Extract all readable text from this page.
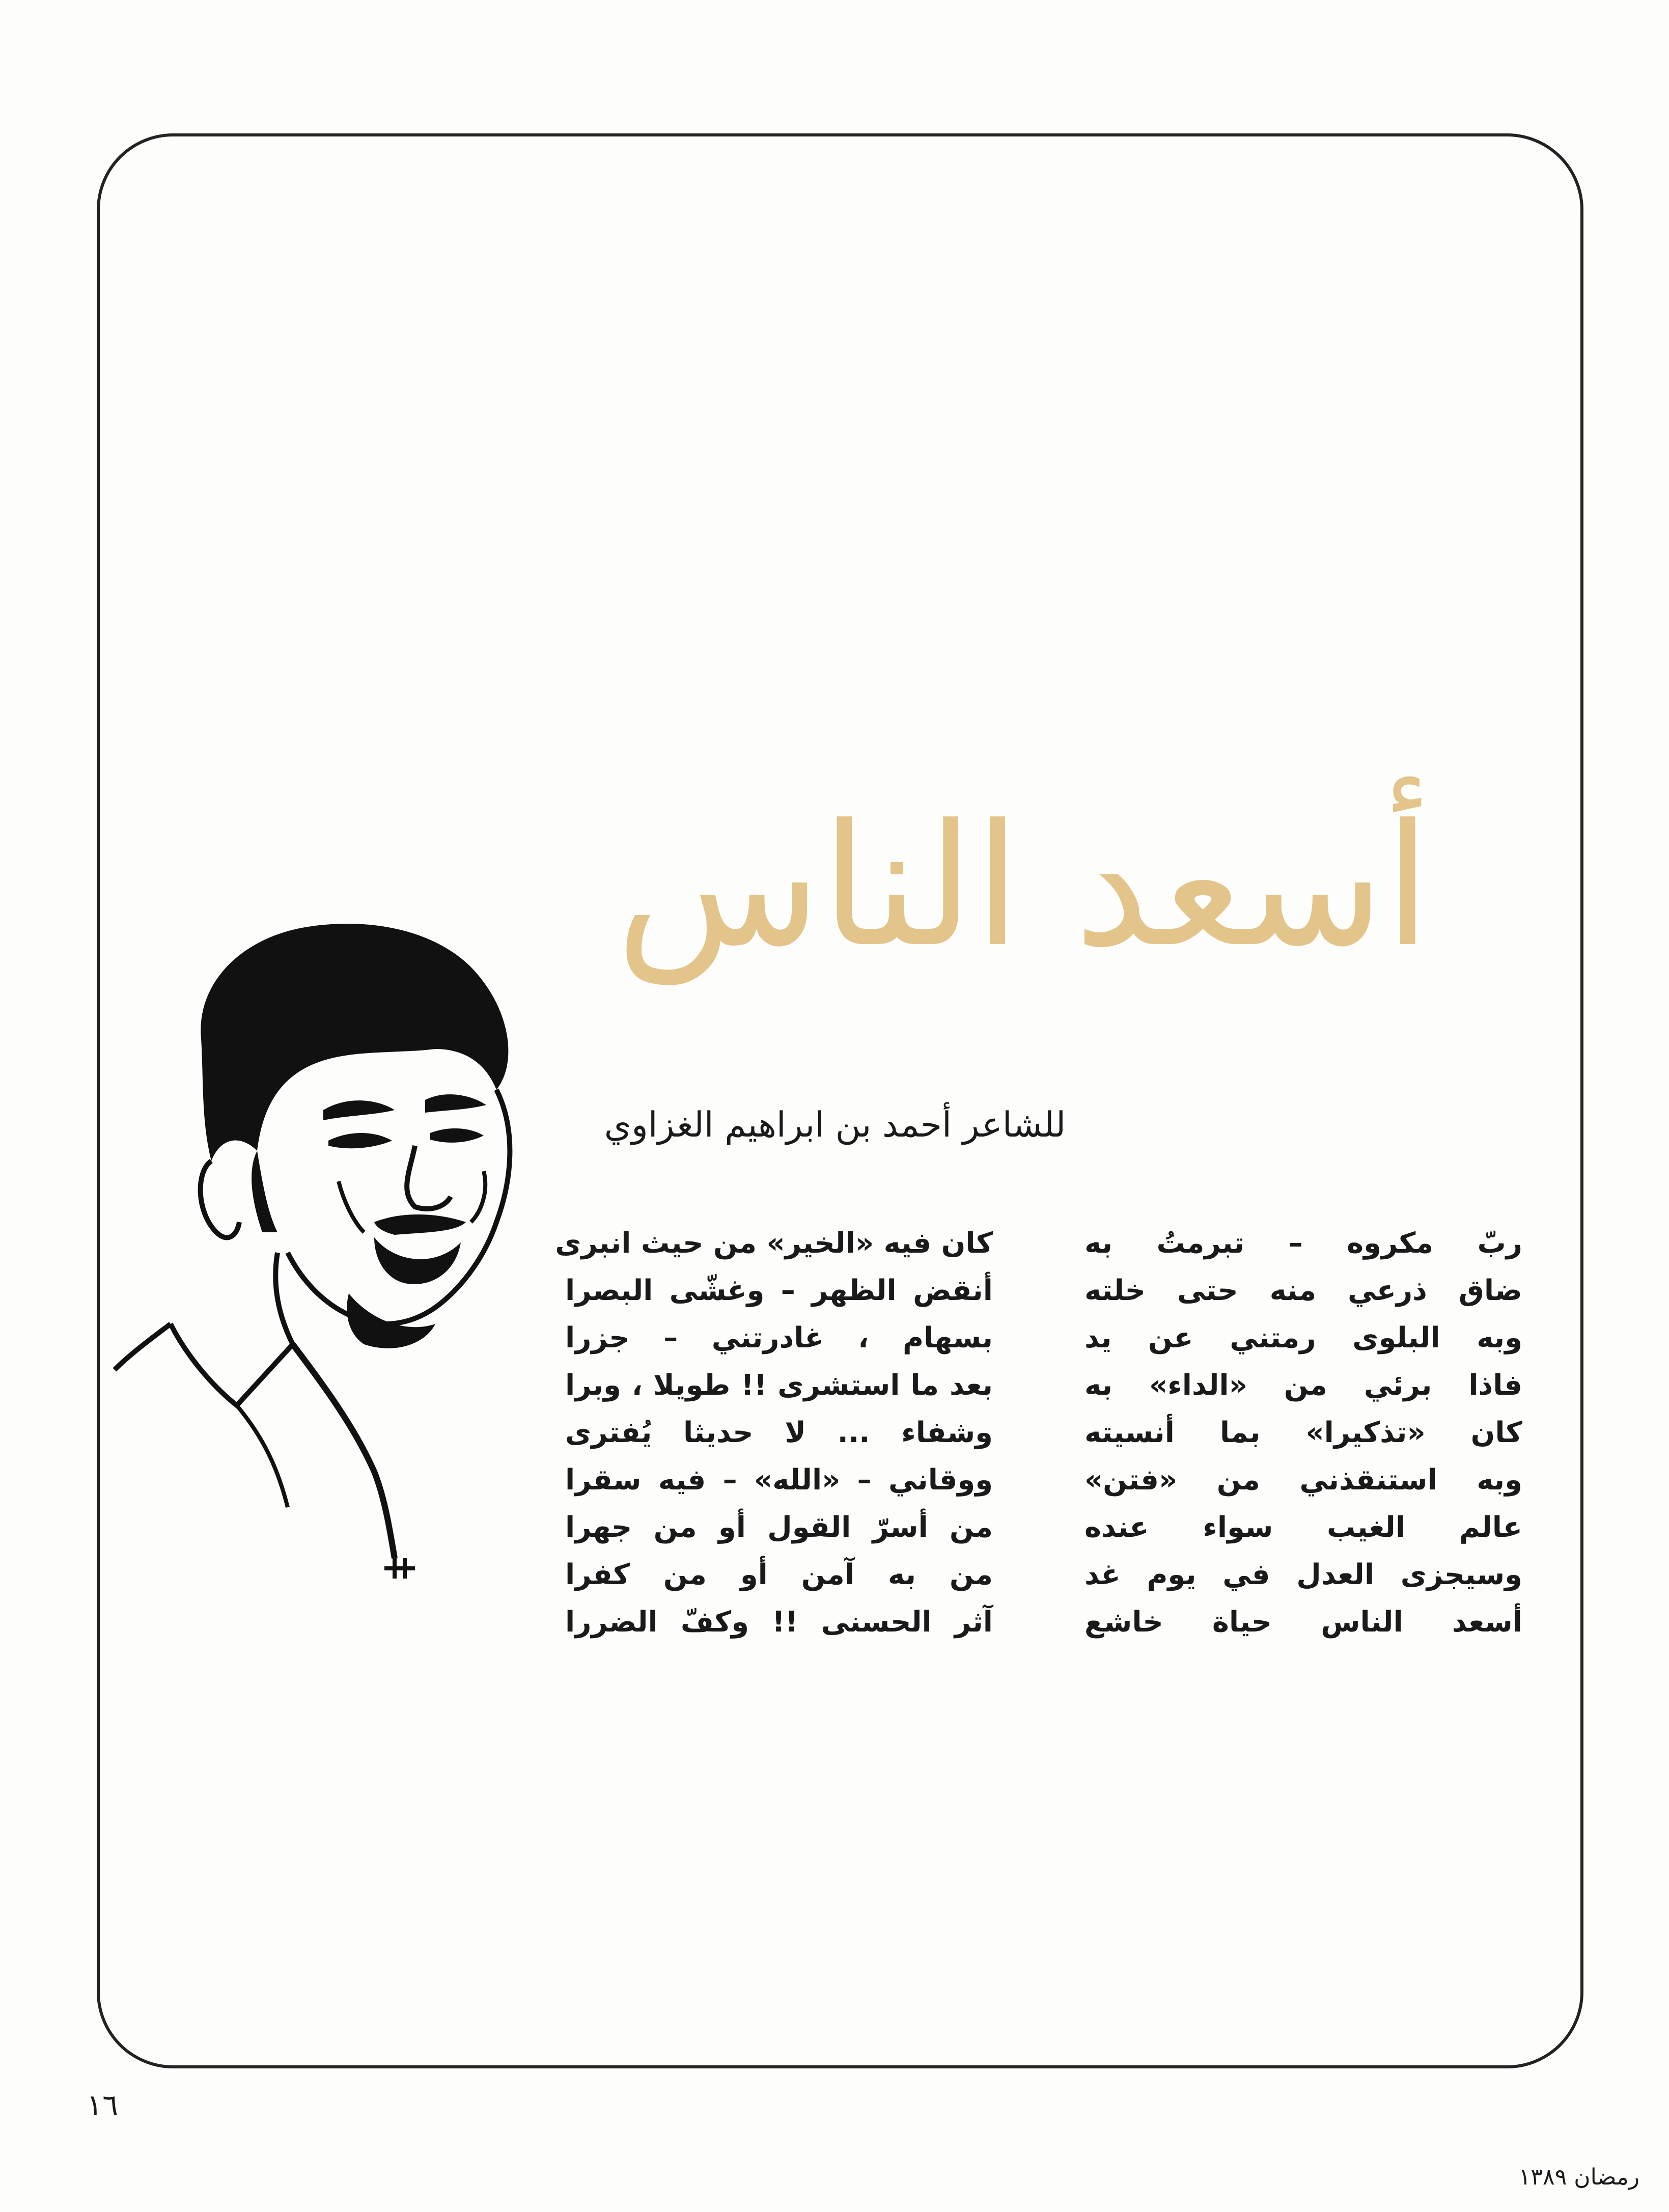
أسعد الناس
للشاعر أحمد بن ابراهيم الغزاوي
ربّ مكروه – تبرمتُ به
ضاق ذرعي منه حتى خلته
وبه البلوى رمتني عن يد
فاذا برئي من «الداء» به
كان «تذكيرا» بما أنسيته
وبه استنقذني من «فتن»
عالم الغيب سواء عنده
وسيجزى العدل في يوم غد
أسعد الناس حياة خاشع
كان فيه «الخير» من حيث انبرى
أنقض الظهر – وغشّى البصرا
بسهام ، غادرتني – جزرا
بعد ما استشرى !! طويلا ، وبرا
وشفاء ... لا حديثا يُفترى
ووقاني – «الله» – فيه سقرا
من أسرّ القول أو من جهرا
من به آمن أو من كفرا
آثر الحسنى !! وكفّ الضررا
١٦
رمضان ١٣٨٩
